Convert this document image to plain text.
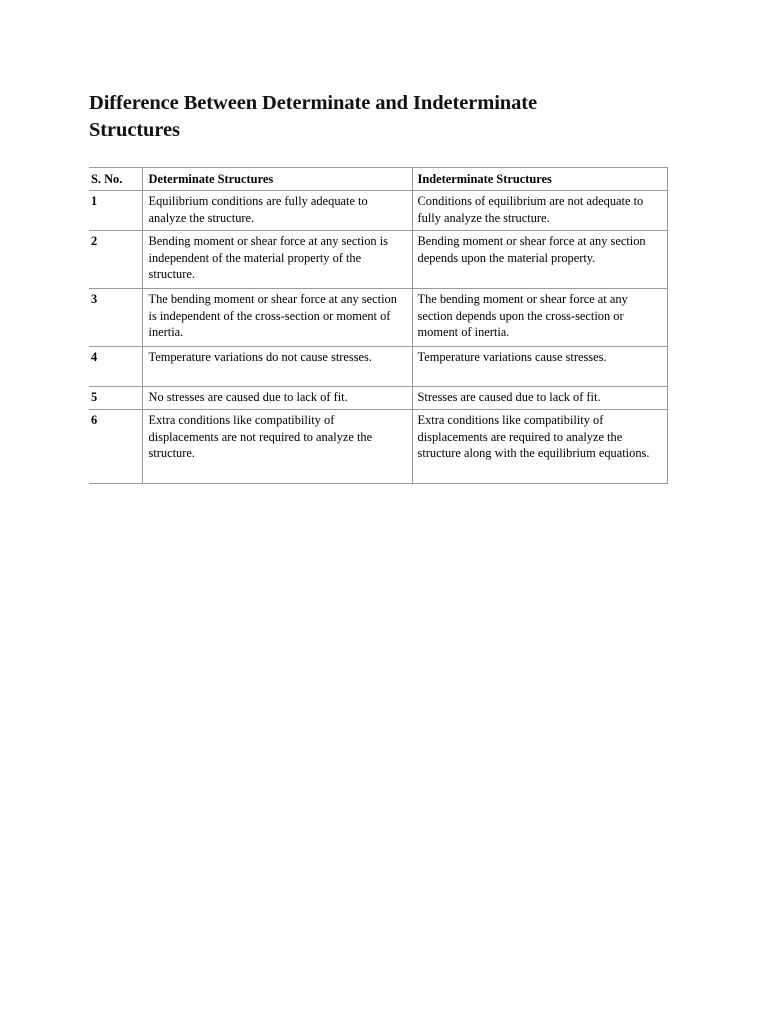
Difference Between Determinate and Indeterminate Structures
S. No.	Determinate Structures	Indeterminate Structures
1	Equilibrium conditions are fully adequate to analyze the structure.	Conditions of equilibrium are not adequate to fully analyze the structure.
2	Bending moment or shear force at any section is independent of the material property of the structure.	Bending moment or shear force at any section depends upon the material property.
3	The bending moment or shear force at any section is independent of the cross-section or moment of inertia.	The bending moment or shear force at any section depends upon the cross-section or moment of inertia.
4	Temperature variations do not cause stresses.	Temperature variations cause stresses.
5	No stresses are caused due to lack of fit.	Stresses are caused due to lack of fit.
6	Extra conditions like compatibility of displacements are not required to analyze the structure.	Extra conditions like compatibility of displacements are required to analyze the structure along with the equilibrium equations.
